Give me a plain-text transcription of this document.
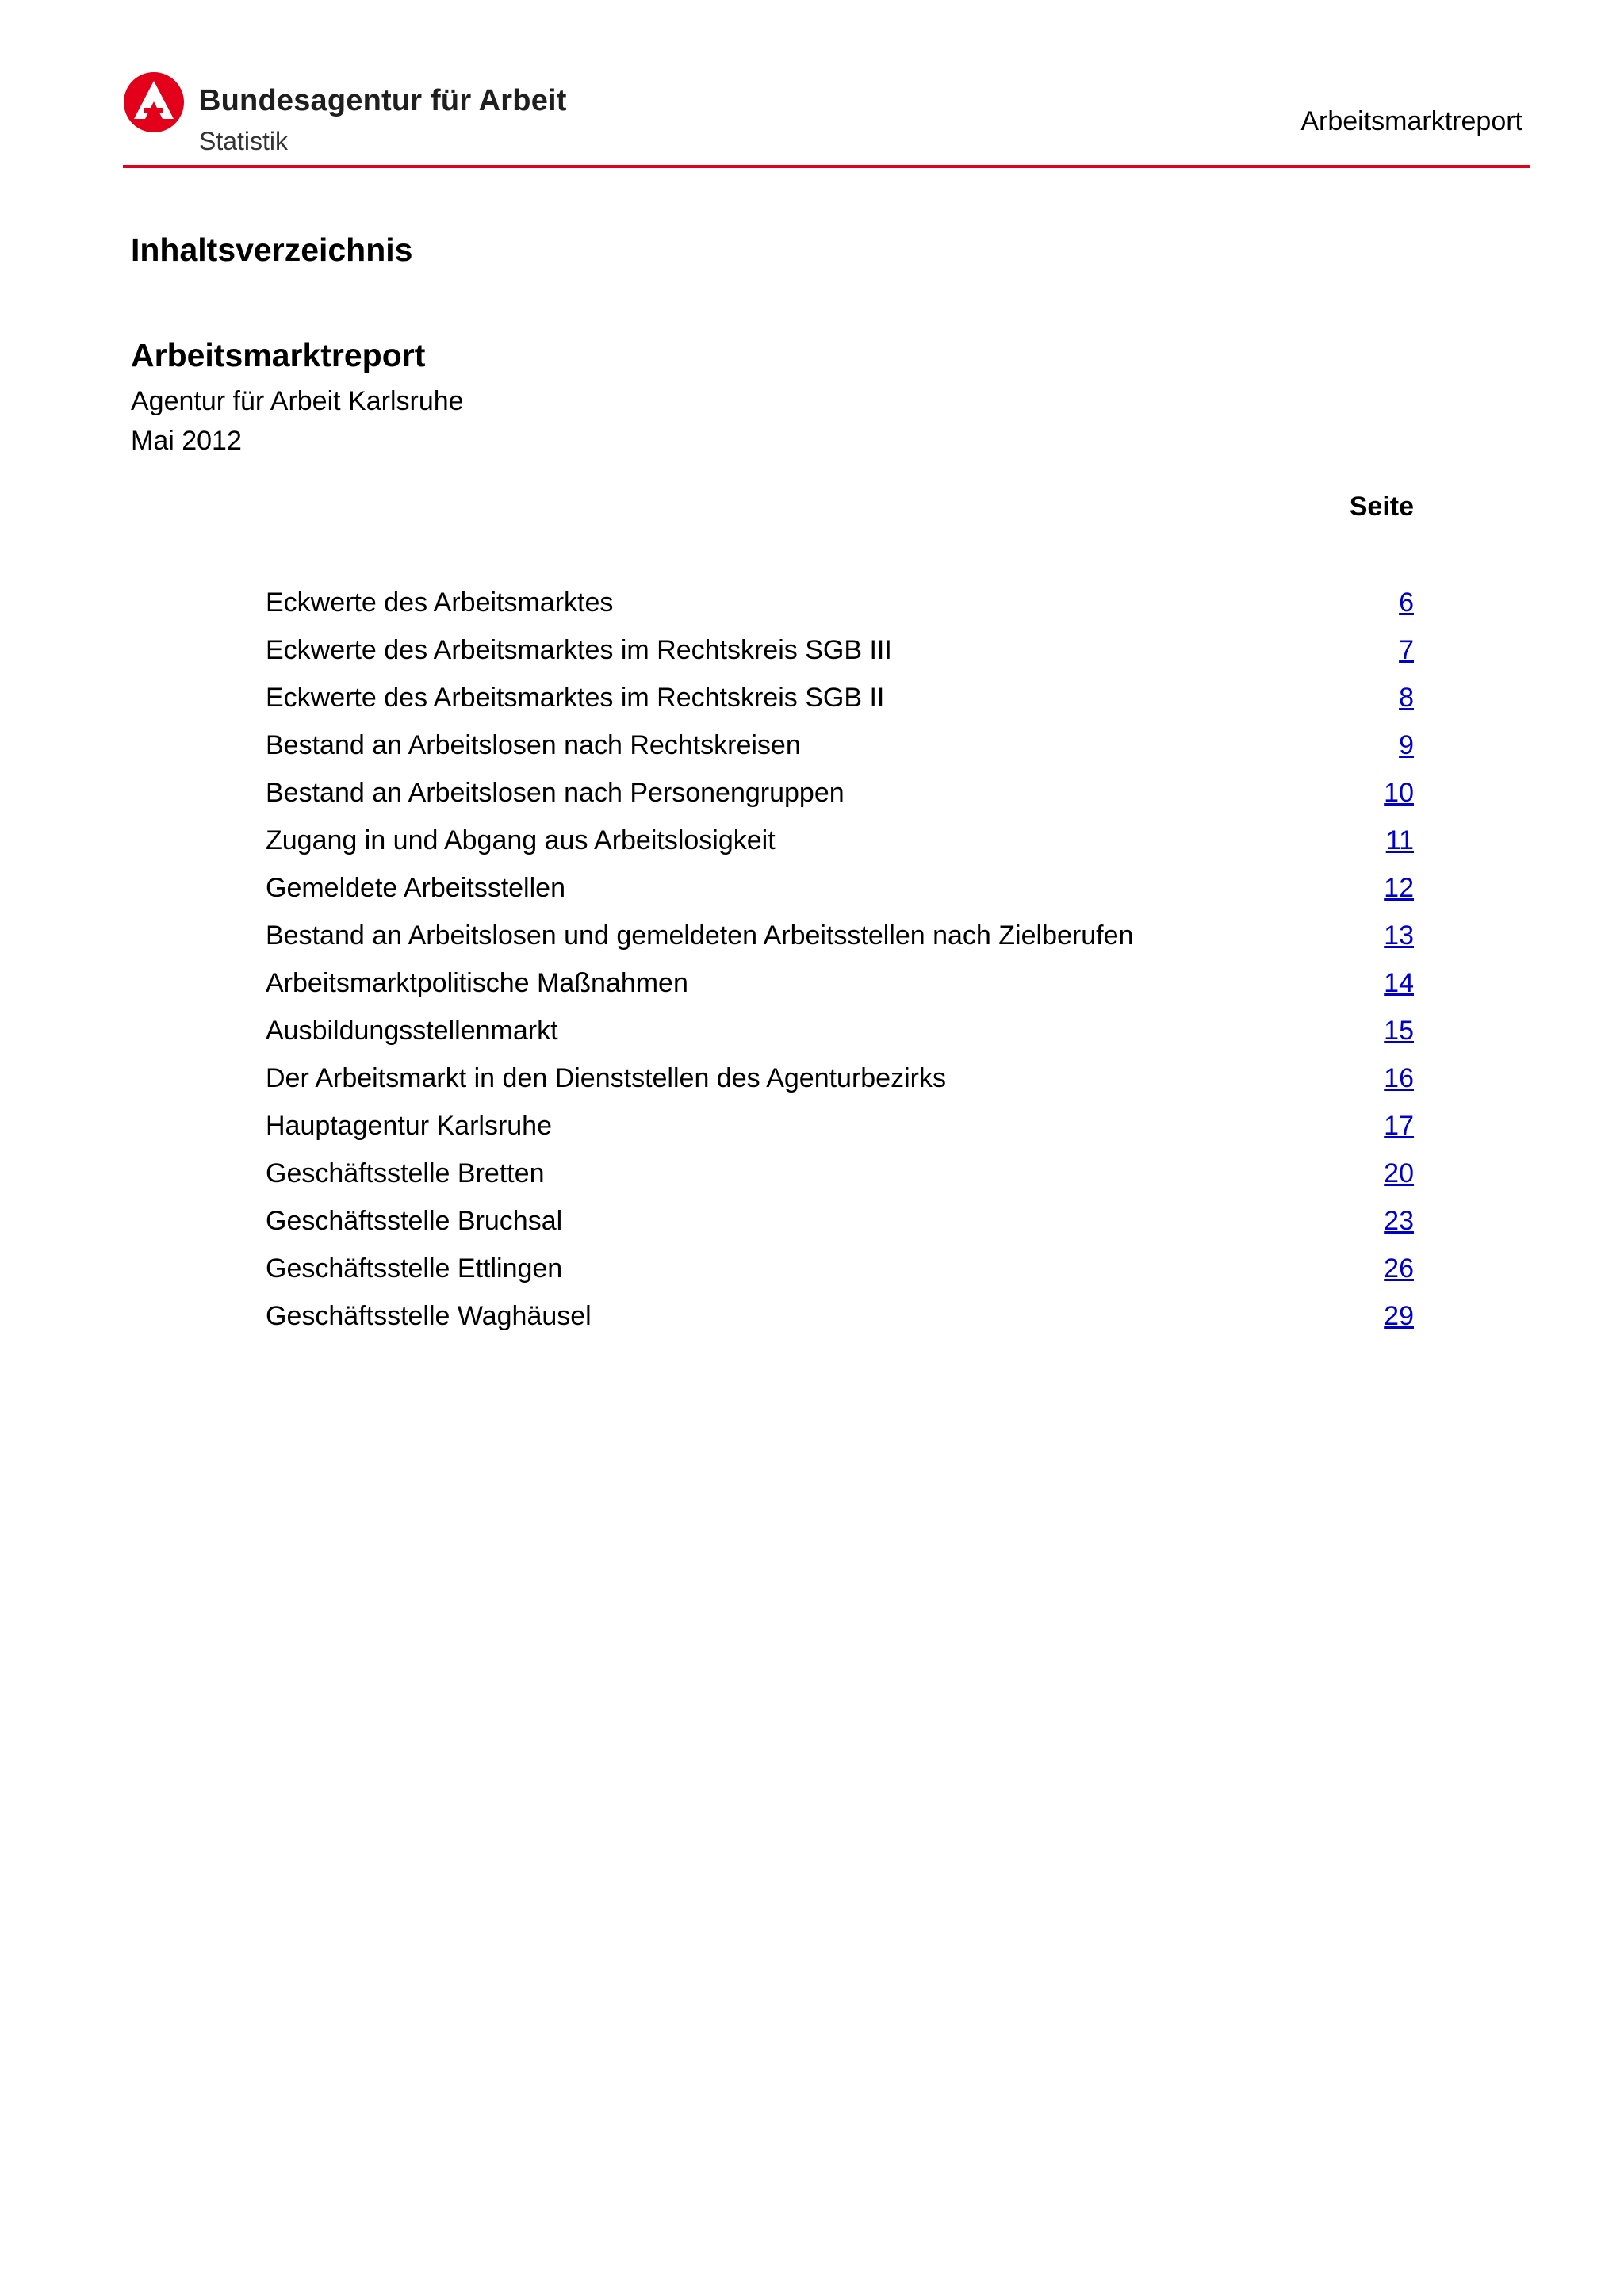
Bundesagentur für Arbeit
Statistik
Arbeitsmarktreport
Inhaltsverzeichnis
Arbeitsmarktreport
Agentur für Arbeit Karlsruhe
Mai 2012
Seite
Eckwerte des Arbeitsmarktes	6
Eckwerte des Arbeitsmarktes im Rechtskreis SGB III	7
Eckwerte des Arbeitsmarktes im Rechtskreis SGB II	8
Bestand an Arbeitslosen nach Rechtskreisen	9
Bestand an Arbeitslosen nach Personengruppen	10
Zugang in und Abgang aus Arbeitslosigkeit	11
Gemeldete Arbeitsstellen	12
Bestand an Arbeitslosen und gemeldeten Arbeitsstellen nach Zielberufen	13
Arbeitsmarktpolitische Maßnahmen	14
Ausbildungsstellenmarkt	15
Der Arbeitsmarkt in den Dienststellen des Agenturbezirks	16
Hauptagentur Karlsruhe	17
Geschäftsstelle Bretten	20
Geschäftsstelle Bruchsal	23
Geschäftsstelle Ettlingen	26
Geschäftsstelle Waghäusel	29
